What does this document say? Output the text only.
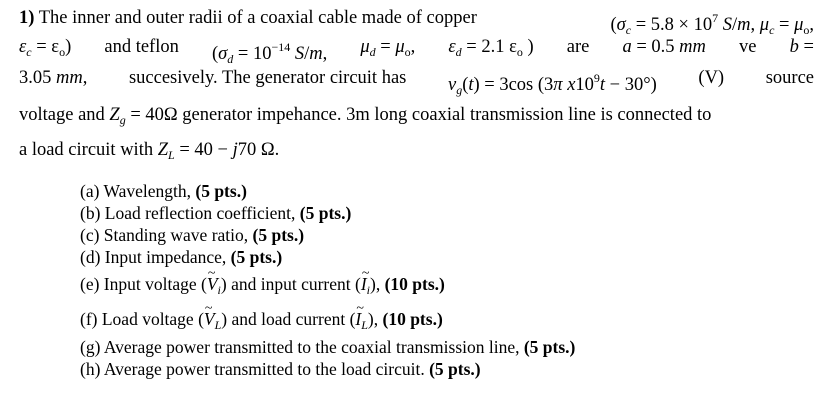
1) The inner and outer radii of a coaxial cable made of copper	($\sigma_c = 5.8 \times 10^7$ S/m, $\mu_c = \mu_o$,
$\varepsilon_c = \varepsilon_o$) and teflon ($\sigma_d = 10^{-14}$ S/m, $\mu_d = \mu_o$, $\varepsilon_d = 2.1$ $\varepsilon_o$ ) are a = 0.5 mm ve b =
3.05 mm, succesively. The generator circuit has $v_g(t) = 3\cos$ (3π $x10^9t - 30^\circ$) (V) source
voltage and $Z_g = 40\Omega$ generator impehance. 3m long coaxial transmission line is connected to
a load circuit with $Z_L = 40 - j70$ Ω.
(a) Wavelength, (5 pts.)
(b) Load reflection coefficient, (5 pts.)
(c) Standing wave ratio, (5 pts.)
(d) Input impedance, (5 pts.)
(e) Input voltage (~ $V_i$) and input current (~ $I_i$), (10 pts.)
(f) Load voltage (~ $V_L$) and load current (~ $I_L$), (10 pts.)
(g) Average power transmitted to the coaxial transmission line, (5 pts.)
(h) Average power transmitted to the load circuit. (5 pts.)
